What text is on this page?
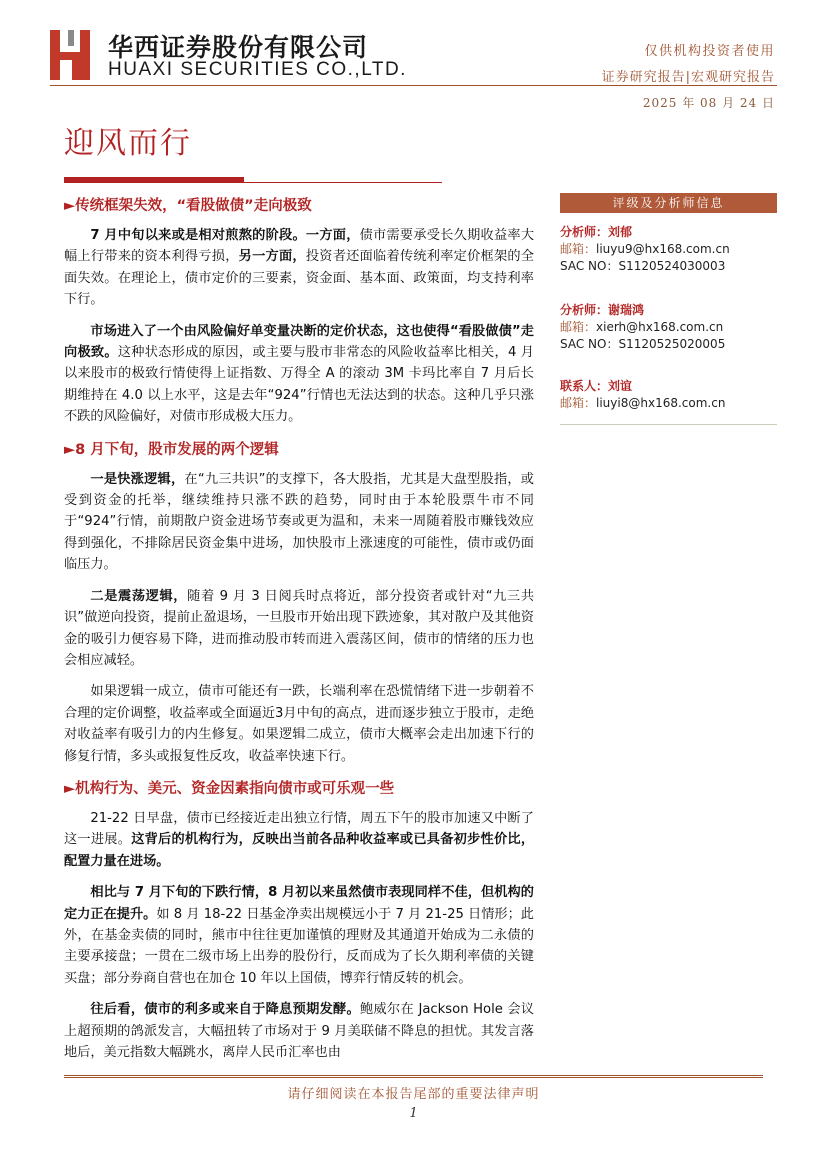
华西证券股份有限公司
HUAXI SECURITIES CO.,LTD.
仅供机构投资者使用
证券研究报告|宏观研究报告
2025 年 08 月 24 日
迎风而行
►传统框架失效，“看股做债”走向极致

7 月中旬以来或是相对煎熬的阶段。一方面，债市需要承受长久期收益率大幅上行带来的资本利得亏损，另一方面，投资者还面临着传统利率定价框架的全面失效。在理论上，债市定价的三要素，资金面、基本面、政策面，均支持利率下行。

市场进入了一个由风险偏好单变量决断的定价状态，这也使得“看股做债”走向极致。这种状态形成的原因，或主要与股市非常态的风险收益率比相关，4 月以来股市的极致行情使得上证指数、万得全 A 的滚动 3M 卡玛比率自 7 月后长期维持在 4.0 以上水平，这是去年“924”行情也无法达到的状态。这种几乎只涨不跌的风险偏好，对债市形成极大压力。

►8 月下旬，股市发展的两个逻辑

一是快涨逻辑，在“九三共识”的支撑下，各大股指，尤其是大盘型股指，或受到资金的托举，继续维持只涨不跌的趋势，同时由于本轮股票牛市不同于“924”行情，前期散户资金进场节奏或更为温和，未来一周随着股市赚钱效应得到强化，不排除居民资金集中进场，加快股市上涨速度的可能性，债市或仍面临压力。

二是震荡逻辑，随着 9 月 3 日阅兵时点将近，部分投资者或针对“九三共识”做逆向投资，提前止盈退场，一旦股市开始出现下跌迹象，其对散户及其他资金的吸引力便容易下降，进而推动股市转而进入震荡区间，债市的情绪的压力也会相应减轻。

如果逻辑一成立，债市可能还有一跌，长端利率在恐慌情绪下进一步朝着不合理的定价调整，收益率或全面逼近3月中旬的高点，进而逐步独立于股市，走绝对收益率有吸引力的内生修复。如果逻辑二成立，债市大概率会走出加速下行的修复行情，多头或报复性反攻，收益率快速下行。

►机构行为、美元、资金因素指向债市或可乐观一些

21-22 日早盘，债市已经接近走出独立行情，周五下午的股市加速又中断了这一进展。这背后的机构行为，反映出当前各品种收益率或已具备初步性价比，配置力量在进场。

相比与 7 月下旬的下跌行情，8 月初以来虽然债市表现同样不佳，但机构的定力正在提升。如 8 月 18-22 日基金净卖出规模远小于 7 月 21-25 日情形；此外，在基金卖债的同时，熊市中往往更加谨慎的理财及其通道开始成为二永债的主要承接盘；一贯在二级市场上出券的股份行，反而成为了长久期利率债的关键买盘；部分券商自营也在加仓 10 年以上国债，博弈行情反转的机会。

往后看，债市的利多或来自于降息预期发酵。鲍威尔在 Jackson Hole 会议上超预期的鸽派发言，大幅扭转了市场对于 9 月美联储不降息的担忧。其发言落地后，美元指数大幅跳水，离岸人民币汇率也由

评级及分析师信息
分析师：刘郁
邮箱：liuyu9@hx168.com.cn
SAC NO：S1120524030003
分析师：谢瑞鸿
邮箱：xierh@hx168.com.cn
SAC NO：S1120525020005
联系人：刘谊
邮箱：liuyi8@hx168.com.cn
请仔细阅读在本报告尾部的重要法律声明
1
